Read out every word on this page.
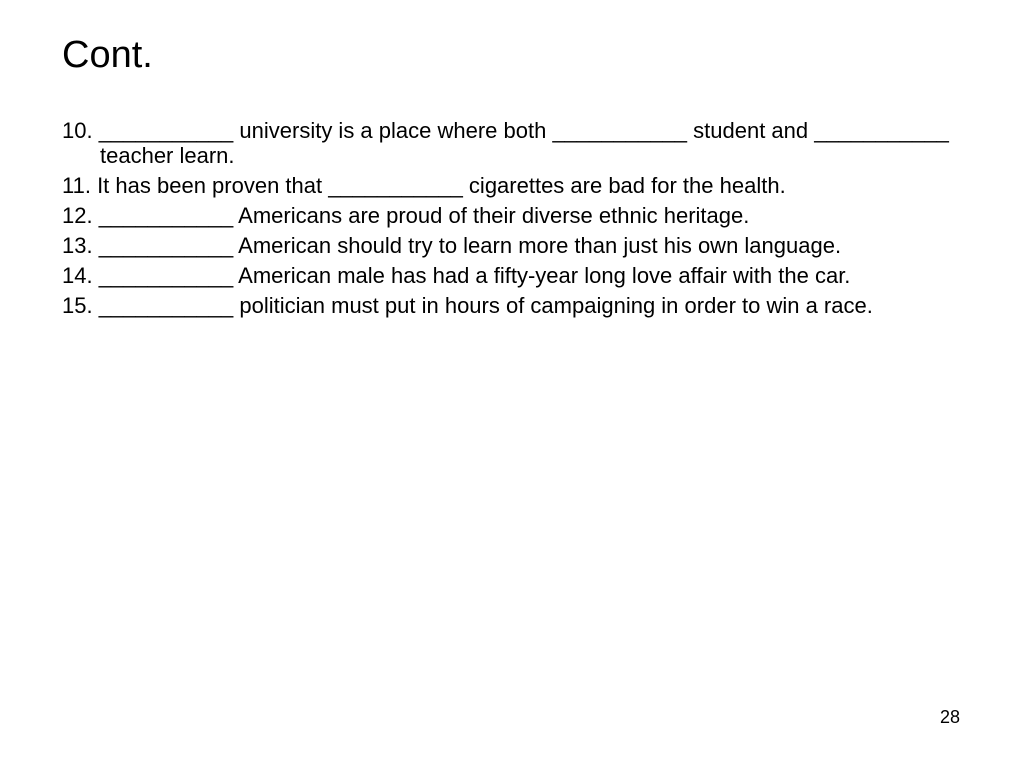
Cont.
10. ___________ university is a place where both ___________ student and ___________ teacher learn.
11. It has been proven that ___________ cigarettes are bad for the health.
12. ___________ Americans are proud of their diverse ethnic heritage.
13. ___________ American should try to learn more than just his own language.
14. ___________ American male has had a fifty-year long love affair with the car.
15. ___________ politician must put in hours of campaigning in order to win a race.
28
